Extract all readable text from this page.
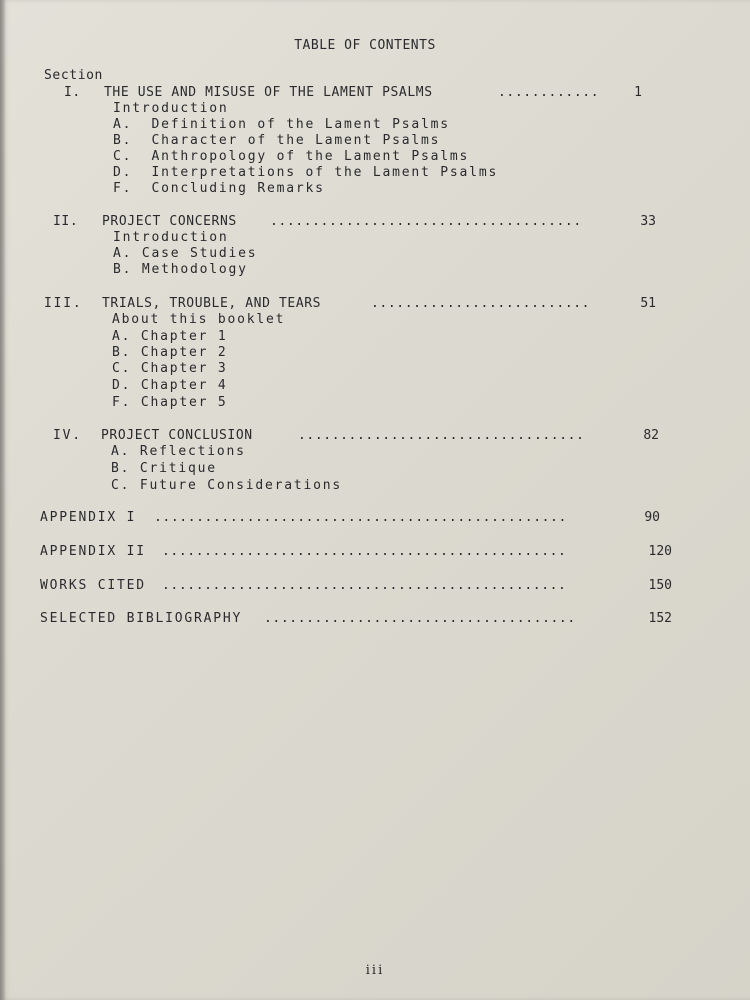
TABLE OF CONTENTS
Section
I. THE USE AND MISUSE OF THE LAMENT PSALMS	............	1
Introduction
A.  Definition of the Lament Psalms
B.  Character of the Lament Psalms
C.  Anthropology of the Lament Psalms
D.  Interpretations of the Lament Psalms
F.  Concluding Remarks
II. PROJECT CONCERNS	.....................................	33
Introduction
A. Case Studies
B. Methodology
III. TRIALS, TROUBLE, AND TEARS	..........................	51
About this booklet
A. Chapter 1
B. Chapter 2
C. Chapter 3
D. Chapter 4
F. Chapter 5
IV. PROJECT CONCLUSION	..................................	82
A. Reflections
B. Critique
C. Future Considerations
APPENDIX I .................................................	90
APPENDIX II ................................................	120
WORKS CITED ................................................	150
SELECTED BIBLIOGRAPHY .....................................	152
iii
